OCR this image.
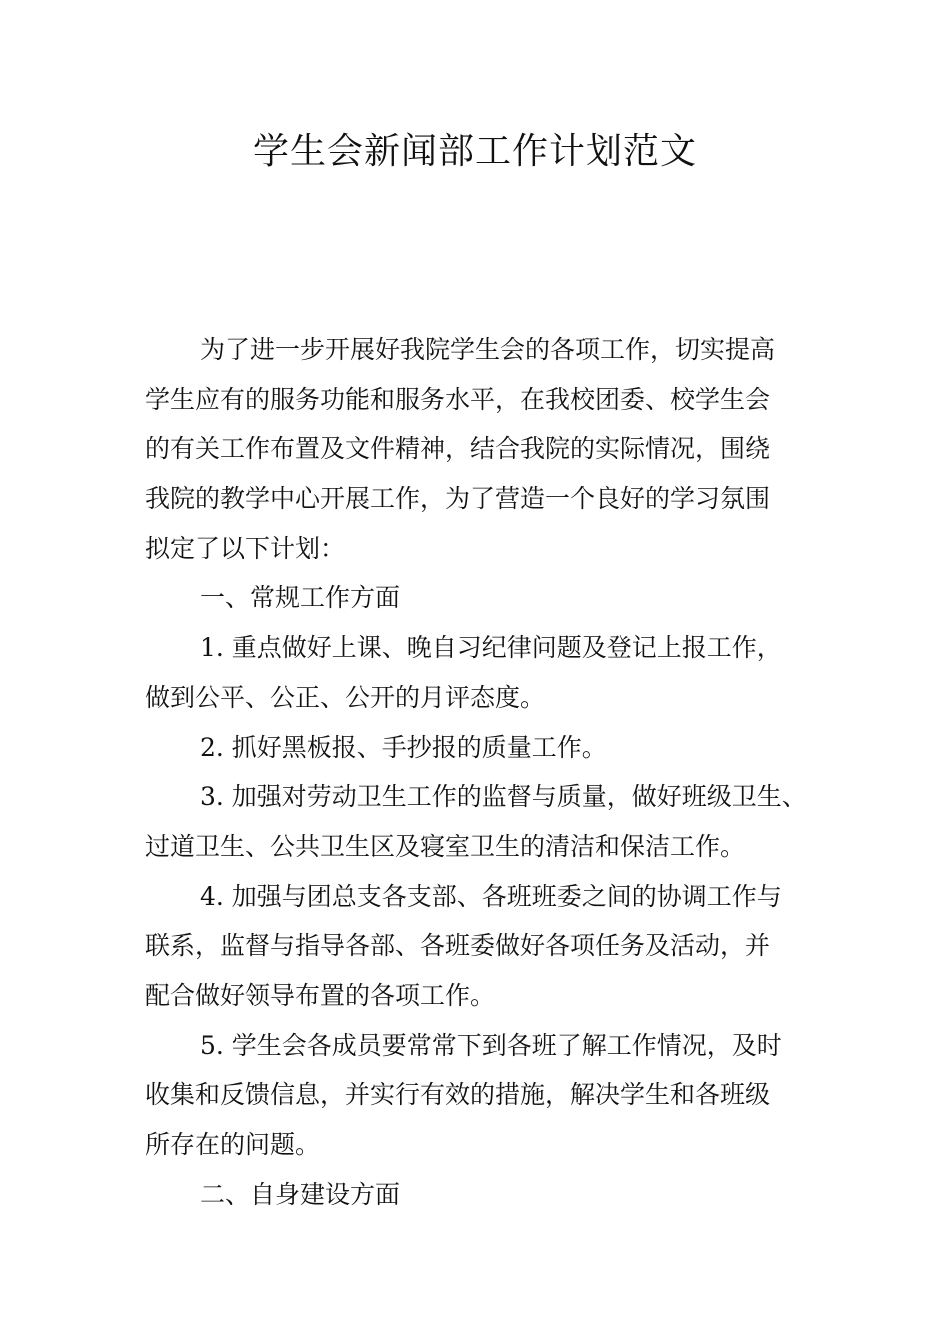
学生会新闻部工作计划范文
为了进一步开展好我院学生会的各项工作，切实提高
学生应有的服务功能和服务水平，在我校团委、校学生会
的有关工作布置及文件精神，结合我院的实际情况，围绕
我院的教学中心开展工作，为了营造一个良好的学习氛围
拟定了以下计划：
一、常规工作方面
1. 重点做好上课、晚自习纪律问题及登记上报工作，
做到公平、公正、公开的月评态度。
2. 抓好黑板报、手抄报的质量工作。
3. 加强对劳动卫生工作的监督与质量，做好班级卫生、
过道卫生、公共卫生区及寝室卫生的清洁和保洁工作。
4. 加强与团总支各支部、各班班委之间的协调工作与
联系，监督与指导各部、各班委做好各项任务及活动，并
配合做好领导布置的各项工作。
5. 学生会各成员要常常下到各班了解工作情况，及时
收集和反馈信息，并实行有效的措施，解决学生和各班级
所存在的问题。
二、自身建设方面
